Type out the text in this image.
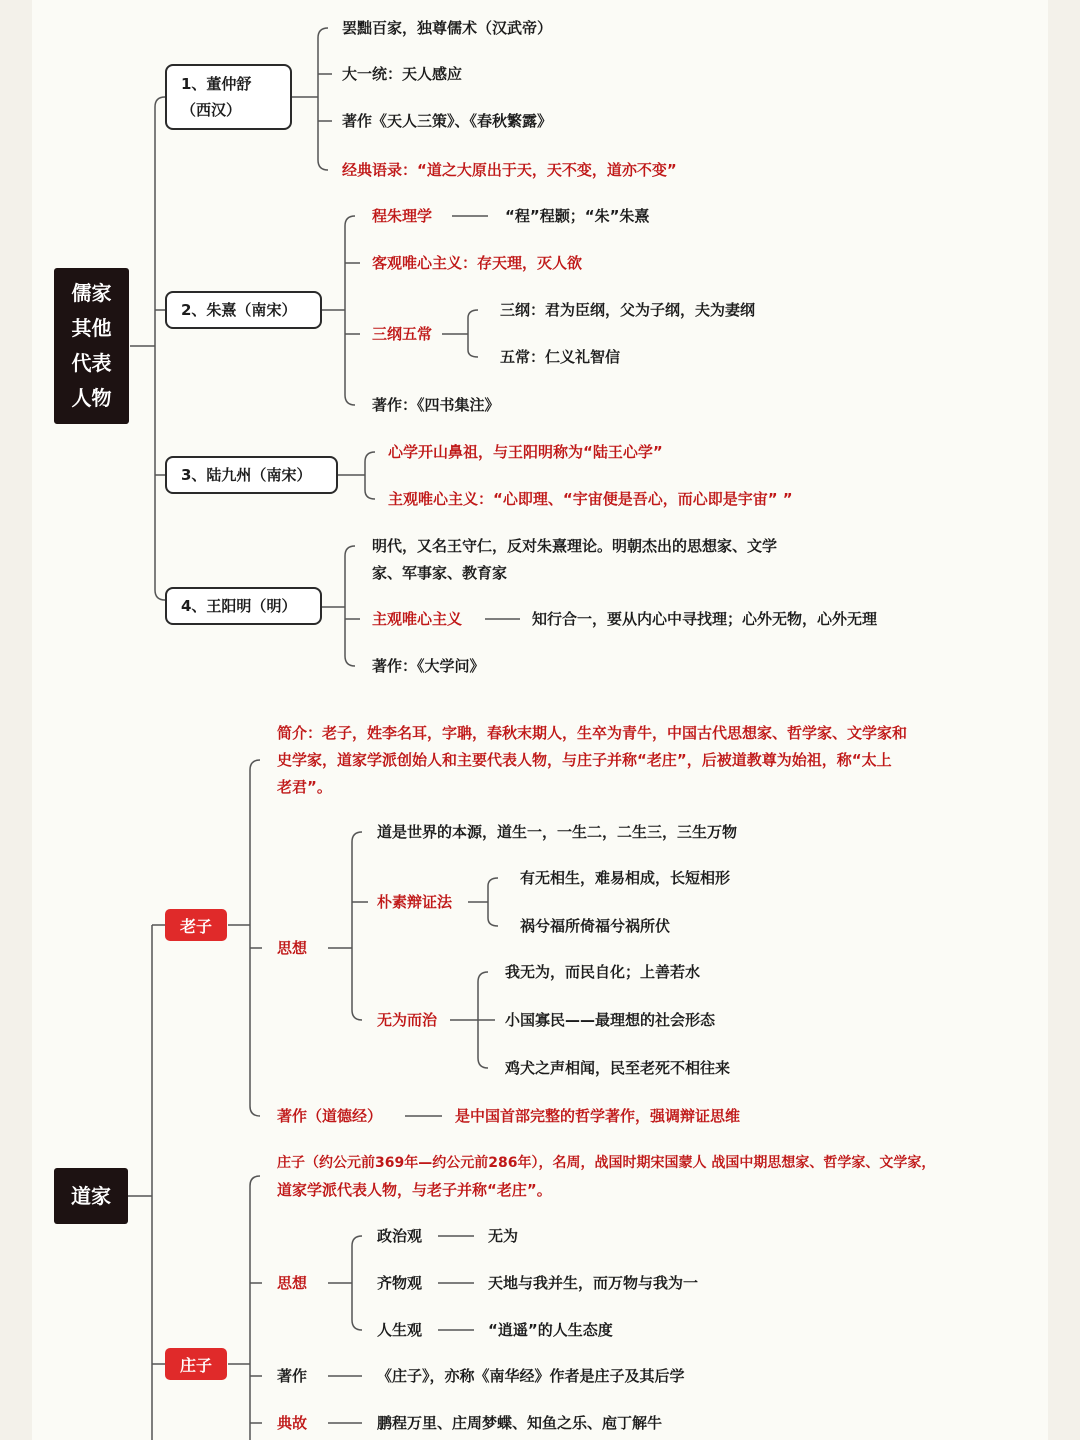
儒家其他代表人物
1、董仲舒
（西汉）
罢黜百家，独尊儒术（汉武帝）
大一统：天人感应
著作《天人三策》、《春秋繁露》
经典语录：“道之大原出于天，天不变，道亦不变”
2、朱熹（南宋）
程朱理学	“程”程颢；“朱”朱熹
客观唯心主义：存天理，灭人欲
三纲五常
三纲：君为臣纲，父为子纲，夫为妻纲
五常：仁义礼智信
著作：《四书集注》
3、陆九州（南宋）
心学开山鼻祖，与王阳明称为“陆王心学”
主观唯心主义：“心即理、“宇宙便是吾心，而心即是宇宙” ”
4、王阳明（明）
明代，又名王守仁，反对朱熹理论。明朝杰出的思想家、文学
家、军事家、教育家
主观唯心主义	知行合一，要从内心中寻找理；心外无物，心外无理
著作：《大学问》
道家
老子
简介：老子，姓李名耳，字聃，春秋末期人，生卒为青牛，中国古代思想家、哲学家、文学家和
史学家，道家学派创始人和主要代表人物，与庄子并称“老庄”，后被道教尊为始祖，称“太上
老君”。
思想
道是世界的本源，道生一，一生二，二生三，三生万物
朴素辩证法
有无相生，难易相成，长短相形
祸兮福所倚福兮祸所伏
无为而治
我无为，而民自化；上善若水
小国寡民——最理想的社会形态
鸡犬之声相闻，民至老死不相往来
著作（道德经）	是中国首部完整的哲学著作，强调辩证思维
庄子
庄子（约公元前369年—约公元前286年），名周，战国时期宋国蒙人 战国中期思想家、哲学家、文学家，
道家学派代表人物，与老子并称“老庄”。
思想
政治观	无为
齐物观	天地与我并生，而万物与我为一
人生观	“逍遥”的人生态度
著作	《庄子》，亦称《南华经》作者是庄子及其后学
典故	鹏程万里、庄周梦蝶、知鱼之乐、庖丁解牛
